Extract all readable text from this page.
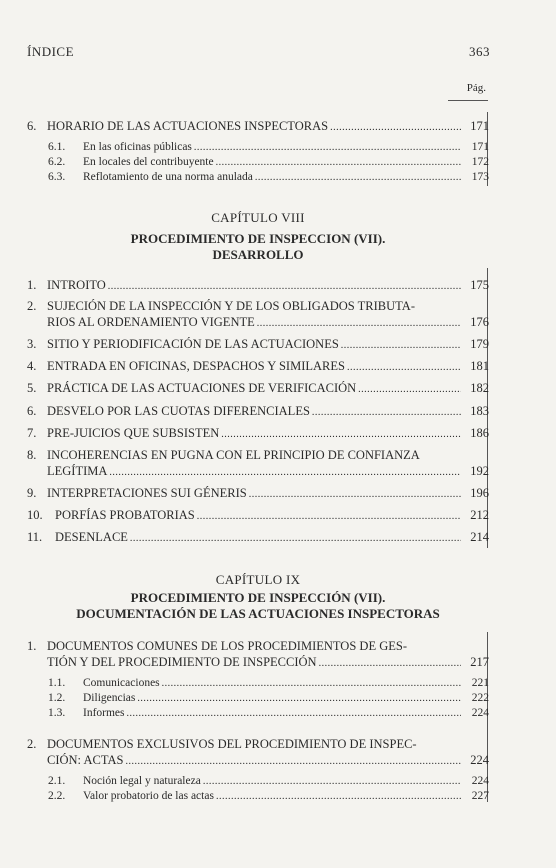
ÍNDICE	363
Pág.
6. HORARIO DE LAS ACTUACIONES INSPECTORAS .....	171
6.1.	En las oficinas públicas .....	171
6.2.	En locales del contribuyente .....	172
6.3.	Reflotamiento de una norma anulada .....	173
CAPÍTULO VIII
PROCEDIMIENTO DE INSPECCION (VII).
DESARROLLO
1. INTROITO .....	175
2. SUJECIÓN DE LA INSPECCIÓN Y DE LOS OBLIGADOS TRIBUTA-
RIOS AL ORDENAMIENTO VIGENTE .....	176
3. SITIO Y PERIODIFICACIÓN DE LAS ACTUACIONES .....	179
4. ENTRADA EN OFICINAS, DESPACHOS Y SIMILARES .....	181
5. PRÁCTICA DE LAS ACTUACIONES DE VERIFICACIÓN .....	182
6. DESVELO POR LAS CUOTAS DIFERENCIALES .....	183
7. PRE-JUICIOS QUE SUBSISTEN .....	186
8. INCOHERENCIAS EN PUGNA CON EL PRINCIPIO DE CONFIANZA
LEGÍTIMA .....	192
9. INTERPRETACIONES SUI GÉNERIS .....	196
10. PORFÍAS PROBATORIAS .....	212
11.	DESENLACE .....	214
CAPÍTULO IX
PROCEDIMIENTO DE INSPECCIÓN (VII).
DOCUMENTACIÓN DE LAS ACTUACIONES INSPECTORAS
1. DOCUMENTOS COMUNES DE LOS PROCEDIMIENTOS DE GES-
TIÓN Y DEL PROCEDIMIENTO DE INSPECCIÓN .....	217
1.1.	Comunicaciones .....	221
1.2.	Diligencias .....	222
1.3.	Informes .....	224
2. DOCUMENTOS EXCLUSIVOS DEL PROCEDIMIENTO DE INSPEC-
CIÓN: ACTAS .....	224
2.1.	Noción legal y naturaleza .....	224
2.2.	Valor probatorio de las actas .....	227
